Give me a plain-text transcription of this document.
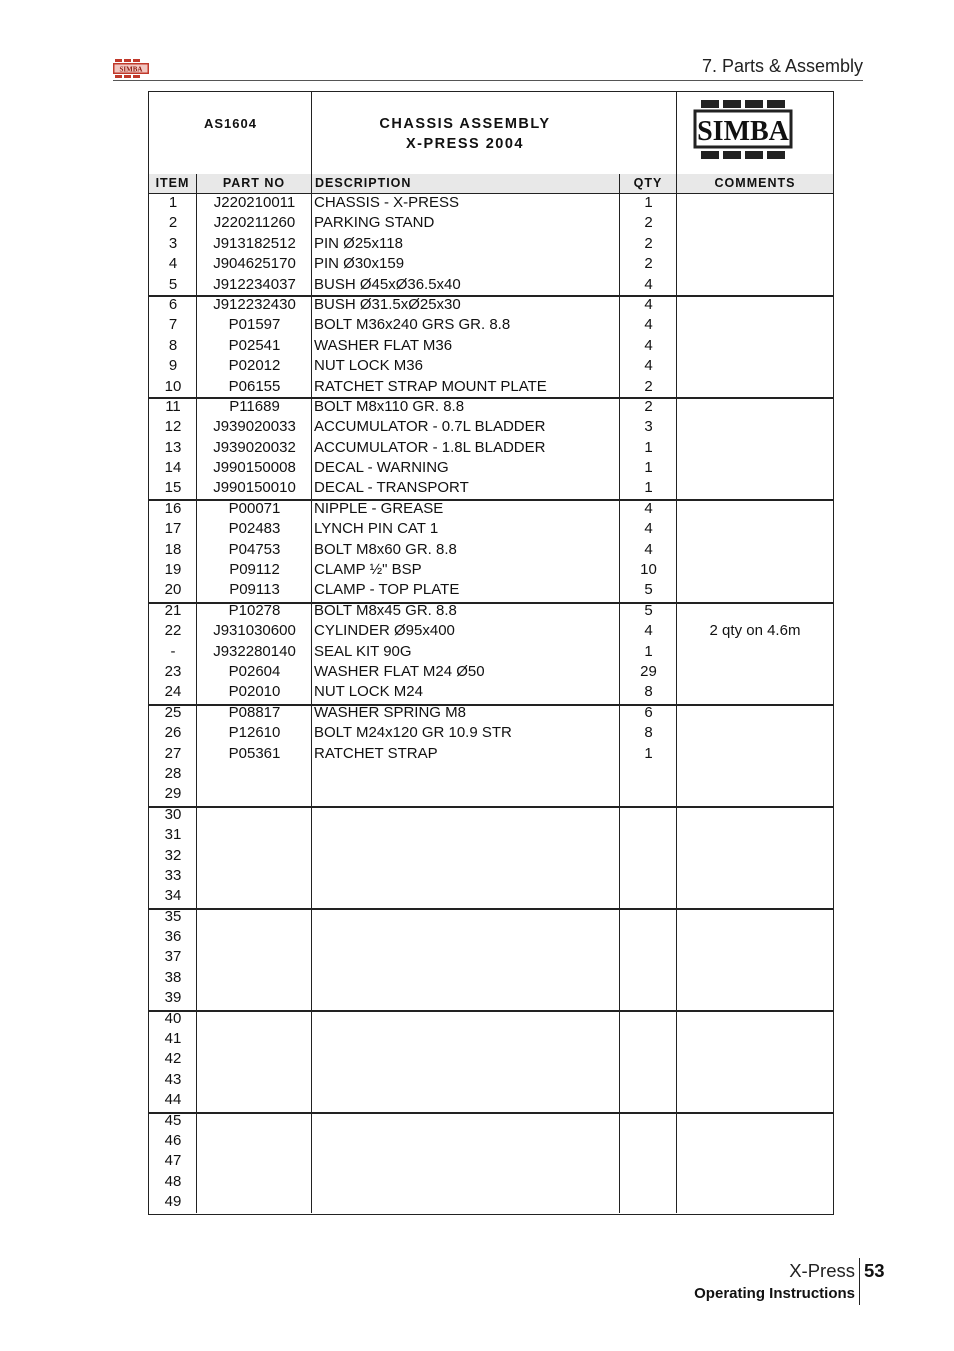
SIMBA	7. Parts & Assembly
AS1604	CHASSIS ASSEMBLY
X-PRESS 2004	SIMBA
ITEM	PART NO	DESCRIPTION	QTY	COMMENTS
1	J220210011	CHASSIS - X-PRESS	1
2	J220211260	PARKING STAND	2
3	J913182512	PIN Ø25x118	2
4	J904625170	PIN Ø30x159	2
5	J912234037	BUSH Ø45xØ36.5x40	4
6	J912232430	BUSH Ø31.5xØ25x30	4
7	P01597	BOLT M36x240 GRS GR. 8.8	4
8	P02541	WASHER FLAT M36	4
9	P02012	NUT LOCK M36	4
10	P06155	RATCHET STRAP MOUNT PLATE	2
11	P11689	BOLT M8x110 GR. 8.8	2
12	J939020033	ACCUMULATOR - 0.7L BLADDER	3
13	J939020032	ACCUMULATOR - 1.8L BLADDER	1
14	J990150008	DECAL - WARNING	1
15	J990150010	DECAL - TRANSPORT	1
16	P00071	NIPPLE - GREASE	4
17	P02483	LYNCH PIN CAT 1	4
18	P04753	BOLT M8x60 GR. 8.8	4
19	P09112	CLAMP ½" BSP	10
20	P09113	CLAMP - TOP PLATE	5
21	P10278	BOLT M8x45 GR. 8.8	5
22	J931030600	CYLINDER Ø95x400	4	2 qty on 4.6m
-	J932280140	SEAL KIT 90G	1
23	P02604	WASHER FLAT M24 Ø50	29
24	P02010	NUT LOCK M24	8
25	P08817	WASHER SPRING M8	6
26	P12610	BOLT M24x120 GR 10.9 STR	8
27	P05361	RATCHET STRAP	1
28
29
30
31
32
33
34
35
36
37
38
39
40
41
42
43
44
45
46
47
48
49
X-Press 53
Operating Instructions
